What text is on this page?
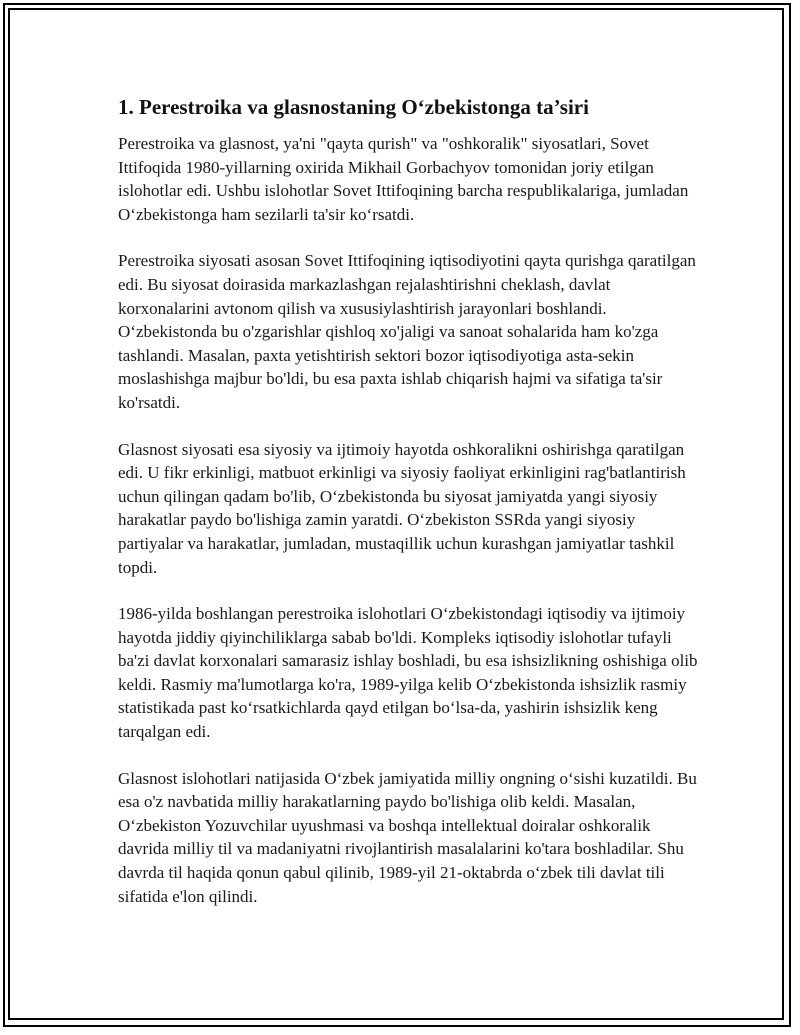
1. Perestroika va glasnostaning O‘zbekistonga ta’siri

Perestroika va glasnost, ya'ni "qayta qurish" va "oshkoralik" siyosatlari, Sovet Ittifoqida 1980-yillarning oxirida Mikhail Gorbachyov tomonidan joriy etilgan islohotlar edi. Ushbu islohotlar Sovet Ittifoqining barcha respublikalariga, jumladan O‘zbekistonga ham sezilarli ta'sir ko‘rsatdi.

Perestroika siyosati asosan Sovet Ittifoqining iqtisodiyotini qayta qurishga qaratilgan edi. Bu siyosat doirasida markazlashgan rejalashtirishni cheklash, davlat korxonalarini avtonom qilish va xususiylashtirish jarayonlari boshlandi. O‘zbekistonda bu o'zgarishlar qishloq xo'jaligi va sanoat sohalarida ham ko'zga tashlandi. Masalan, paxta yetishtirish sektori bozor iqtisodiyotiga asta-sekin moslashishga majbur bo'ldi, bu esa paxta ishlab chiqarish hajmi va sifatiga ta'sir ko'rsatdi.

Glasnost siyosati esa siyosiy va ijtimoiy hayotda oshkoralikni oshirishga qaratilgan edi. U fikr erkinligi, matbuot erkinligi va siyosiy faoliyat erkinligini rag'batlantirish uchun qilingan qadam bo'lib, O‘zbekistonda bu siyosat jamiyatda yangi siyosiy harakatlar paydo bo'lishiga zamin yaratdi. O‘zbekiston SSRda yangi siyosiy partiyalar va harakatlar, jumladan, mustaqillik uchun kurashgan jamiyatlar tashkil topdi.

1986-yilda boshlangan perestroika islohotlari O‘zbekistondagi iqtisodiy va ijtimoiy hayotda jiddiy qiyinchiliklarga sabab bo'ldi. Kompleks iqtisodiy islohotlar tufayli ba'zi davlat korxonalari samarasiz ishlay boshladi, bu esa ishsizlikning oshishiga olib keldi. Rasmiy ma'lumotlarga ko'ra, 1989-yilga kelib O‘zbekistonda ishsizlik rasmiy statistikada past ko‘rsatkichlarda qayd etilgan bo‘lsa-da, yashirin ishsizlik keng tarqalgan edi.

Glasnost islohotlari natijasida O‘zbek jamiyatida milliy ongning o‘sishi kuzatildi. Bu esa o'z navbatida milliy harakatlarning paydo bo'lishiga olib keldi. Masalan, O‘zbekiston Yozuvchilar uyushmasi va boshqa intellektual doiralar oshkoralik davrida milliy til va madaniyatni rivojlantirish masalalarini ko'tara boshladilar. Shu davrda til haqida qonun qabul qilinib, 1989-yil 21-oktabrda o‘zbek tili davlat tili sifatida e'lon qilindi.
